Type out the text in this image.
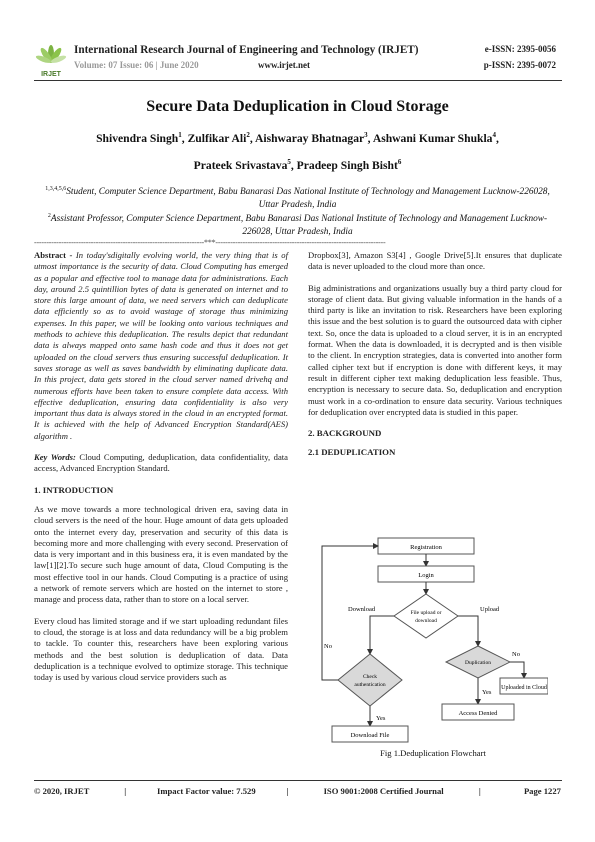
IRJET
International Research Journal of Engineering and Technology (IRJET)
Volume: 07 Issue: 06 | June 2020	www.irjet.net
e-ISSN: 2395-0056
p-ISSN: 2395-0072
Secure Data Deduplication in Cloud Storage
Shivendra Singh$^1$, Zulfikar Ali$^2$, Aishwaray Bhatnagar$^3$, Ashwani Kumar Shukla$^4$,
Prateek Srivastava$^5$, Pradeep Singh Bisht$^6$
$^{1,3,4,5,6}$Student, Computer Science Department, Babu Banarasi Das National Institute of Technology and Management Lucknow-226028, Uttar Pradesh, India
$^2$Assistant Professor, Computer Science Department, Babu Banarasi Das National Institute of Technology and Management Lucknow-226028, Uttar Pradesh, India
---------------------------------------------------------------------***---------------------------------------------------------------------

Abstract - In today'sdigitally evolving world, the very thing that is of utmost importance is the security of data. Cloud Computing has emerged as a popular and effective tool to manage data for administrations. Each day, around 2.5 quintillion bytes of data is generated on internet and to store this large amount of data, we need servers which can deduplicate data efficiently so as to avoid wastage of storage thus minimizing expenses. In this paper, we will be looking onto various techniques and methods to achieve this deduplication. The results depict that redundant data is always mapped onto same hash code and thus it does not get uploaded on the cloud servers thus ensuring successful deduplication. It saves storage as well as saves bandwidth by eliminating duplicate data. In this project, data gets stored in the cloud server named drivehq and numerous efforts have been taken to ensure complete data access. With effective deduplication, ensuring data confidentiality is also very important thus data is always stored in the cloud in an encrypted format. It is achieved with the help of Advanced Encryption Standard(AES) algorithm .

Key Words: Cloud Computing, deduplication, data confidentiality, data access, Advanced Encryption Standard.

1. INTRODUCTION

As we move towards a more technological driven era, saving data in cloud servers is the need of the hour. Huge amount of data gets uploaded onto the internet every day, preservation and security of this data is becoming more and more challenging with every second. Preservation of data is very important and in this business era, it is even mandated by the law[1][2].To secure such huge amount of data, Cloud Computing is the most effective tool in our hands. Cloud Computing is a practice of using a network of remote servers which are hosted on the internet to store , manage and process data, rather than to store on a local server.

Every cloud has limited storage and if we start uploading redundant files to cloud, the storage is at loss and data redundancy will be a big problem to tackle. To counter this, researchers have been exploring various methods and the best solution is deduplication of data. Data deduplication is a technique evolved to optimize storage. This technique today is used by various cloud service providers such as

Dropbox[3], Amazon S3[4] , Google Drive[5].It ensures that duplicate data is never uploaded to the cloud more than once.

Big administrations and organizations usually buy a third party cloud for storage of client data. But giving valuable information in the hands of a third party is like an invitation to risk. Researchers have been exploring this issue and the best solution is to guard the outsourced data with cipher text. So, once the data is uploaded to a cloud server, it is in an encrypted format. When the data is downloaded, it is decrypted and is then visible to the client. In encryption strategies, data is converted into another form called cipher text but if encryption is done with different keys, it may result in different cipher text making deduplication less feasible. Thus, encryption is necessary to secure data. So, deduplication and encryption must work in a co-ordination to ensure data security. Various techniques for deduplication over encrypted data is studied in this paper.

2. BACKGROUND
2.1 DEDUPLICATION
Registration
Login
File upload or
download
Download	Upload
Check
authentication
No
Yes
Download File
Duplication
No
Uploaded in Cloud
Yes
Access Denied
Fig 1.Deduplication Flowchart
© 2020, IRJET	|	Impact Factor value: 7.529	|	ISO 9001:2008 Certified Journal	|	Page 1227
